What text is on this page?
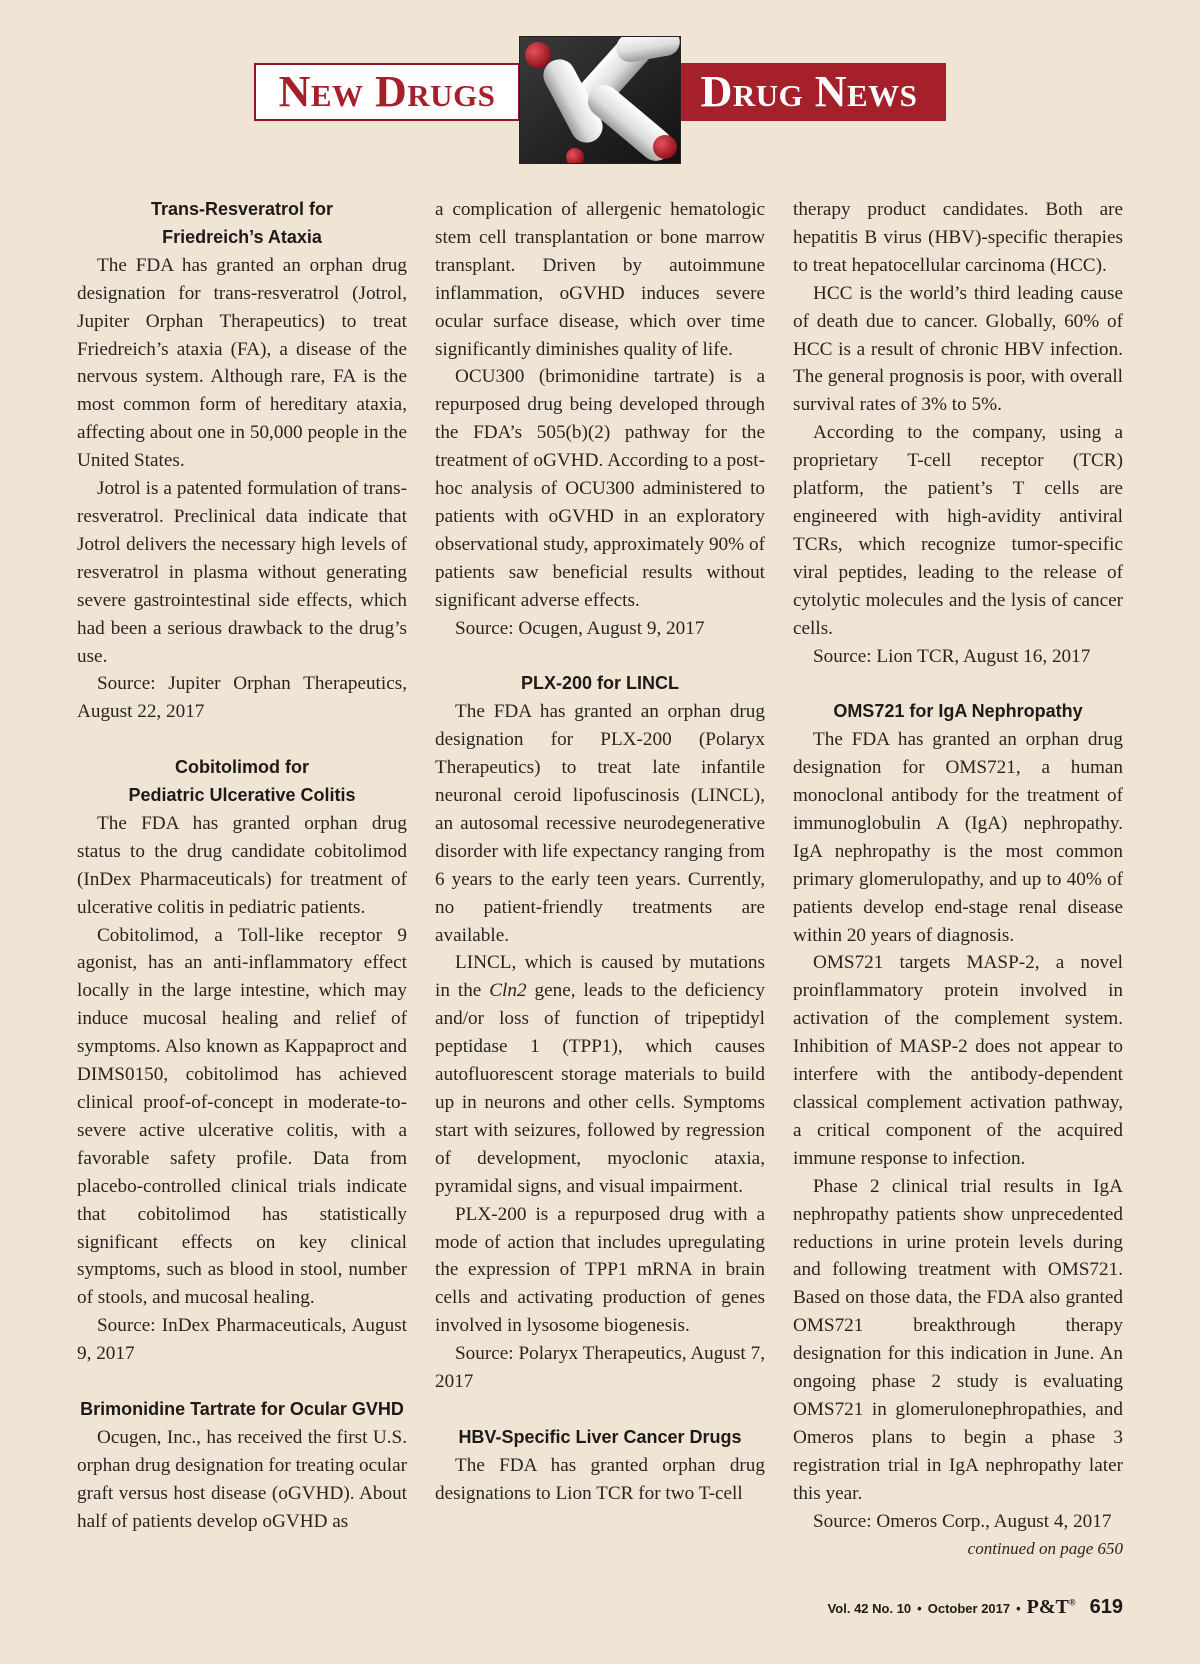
New Drugs	Drug News
Trans-Resveratrol for
Friedreich’s Ataxia

The FDA has granted an orphan drug designation for trans-resveratrol (Jotrol, Jupiter Orphan Therapeutics) to treat Friedreich’s ataxia (FA), a disease of the nervous system. Although rare, FA is the most common form of hereditary ataxia, affecting about one in 50,000 people in the United States.

Jotrol is a patented formulation of trans-resveratrol. Preclinical data indicate that Jotrol delivers the necessary high levels of resveratrol in plasma without generating severe gastrointestinal side effects, which had been a serious drawback to the drug’s use.

Source: Jupiter Orphan Therapeutics, August 22, 2017

Cobitolimod for
Pediatric Ulcerative Colitis

The FDA has granted orphan drug status to the drug candidate cobitolimod (InDex Pharmaceuticals) for treatment of ulcerative colitis in pediatric patients.

Cobitolimod, a Toll-like receptor 9 agonist, has an anti-inflammatory effect locally in the large intestine, which may induce mucosal healing and relief of symptoms. Also known as Kappaproct and DIMS0150, cobitolimod has achieved clinical proof-of-concept in moderate-to-severe active ulcerative colitis, with a favorable safety profile. Data from placebo-controlled clinical trials indicate that cobitolimod has statistically significant effects on key clinical symptoms, such as blood in stool, number of stools, and mucosal healing.

Source: InDex Pharmaceuticals, August 9, 2017

Brimonidine Tartrate for Ocular GVHD

Ocugen, Inc., has received the first U.S. orphan drug designation for treating ocular graft versus host disease (oGVHD). About half of patients develop oGVHD as

a complication of allergenic hematologic stem cell transplantation or bone marrow transplant. Driven by autoimmune inflammation, oGVHD induces severe ocular surface disease, which over time significantly diminishes quality of life.

OCU300 (brimonidine tartrate) is a repurposed drug being developed through the FDA’s 505(b)(2) pathway for the treatment of oGVHD. According to a post-hoc analysis of OCU300 administered to patients with oGVHD in an exploratory observational study, approximately 90% of patients saw beneficial results without significant adverse effects.

Source: Ocugen, August 9, 2017

PLX-200 for LINCL

The FDA has granted an orphan drug designation for PLX-200 (Polaryx Therapeutics) to treat late infantile neuronal ceroid lipofuscinosis (LINCL), an autosomal recessive neurodegenerative disorder with life expectancy ranging from 6 years to the early teen years. Currently, no patient-friendly treatments are available.

LINCL, which is caused by mutations in the Cln2 gene, leads to the deficiency and/or loss of function of tripeptidyl peptidase 1 (TPP1), which causes autofluorescent storage materials to build up in neurons and other cells. Symptoms start with seizures, followed by regression of development, myoclonic ataxia, pyramidal signs, and visual impairment.

PLX-200 is a repurposed drug with a mode of action that includes upregulating the expression of TPP1 mRNA in brain cells and activating production of genes involved in lysosome biogenesis.

Source: Polaryx Therapeutics, August 7, 2017

HBV-Specific Liver Cancer Drugs

The FDA has granted orphan drug designations to Lion TCR for two T-cell

therapy product candidates. Both are hepatitis B virus (HBV)-specific therapies to treat hepatocellular carcinoma (HCC).

HCC is the world’s third leading cause of death due to cancer. Globally, 60% of HCC is a result of chronic HBV infection. The general prognosis is poor, with overall survival rates of 3% to 5%.

According to the company, using a proprietary T-cell receptor (TCR) platform, the patient’s T cells are engineered with high-avidity antiviral TCRs, which recognize tumor-specific viral peptides, leading to the release of cytolytic molecules and the lysis of cancer cells.

Source: Lion TCR, August 16, 2017

OMS721 for IgA Nephropathy

The FDA has granted an orphan drug designation for OMS721, a human monoclonal antibody for the treatment of immunoglobulin A (IgA) nephropathy. IgA nephropathy is the most common primary glomerulopathy, and up to 40% of patients develop end-stage renal disease within 20 years of diagnosis.

OMS721 targets MASP-2, a novel proinflammatory protein involved in activation of the complement system. Inhibition of MASP-2 does not appear to interfere with the antibody-dependent classical complement activation pathway, a critical component of the acquired immune response to infection.

Phase 2 clinical trial results in IgA nephropathy patients show unprecedented reductions in urine protein levels during and following treatment with OMS721. Based on those data, the FDA also granted OMS721 breakthrough therapy designation for this indication in June. An ongoing phase 2 study is evaluating OMS721 in glomerulonephropathies, and Omeros plans to begin a phase 3 registration trial in IgA nephropathy later this year.

Source: Omeros Corp., August 4, 2017

continued on page 650

Vol. 42 No. 10 • October 2017 • P&T® 619
